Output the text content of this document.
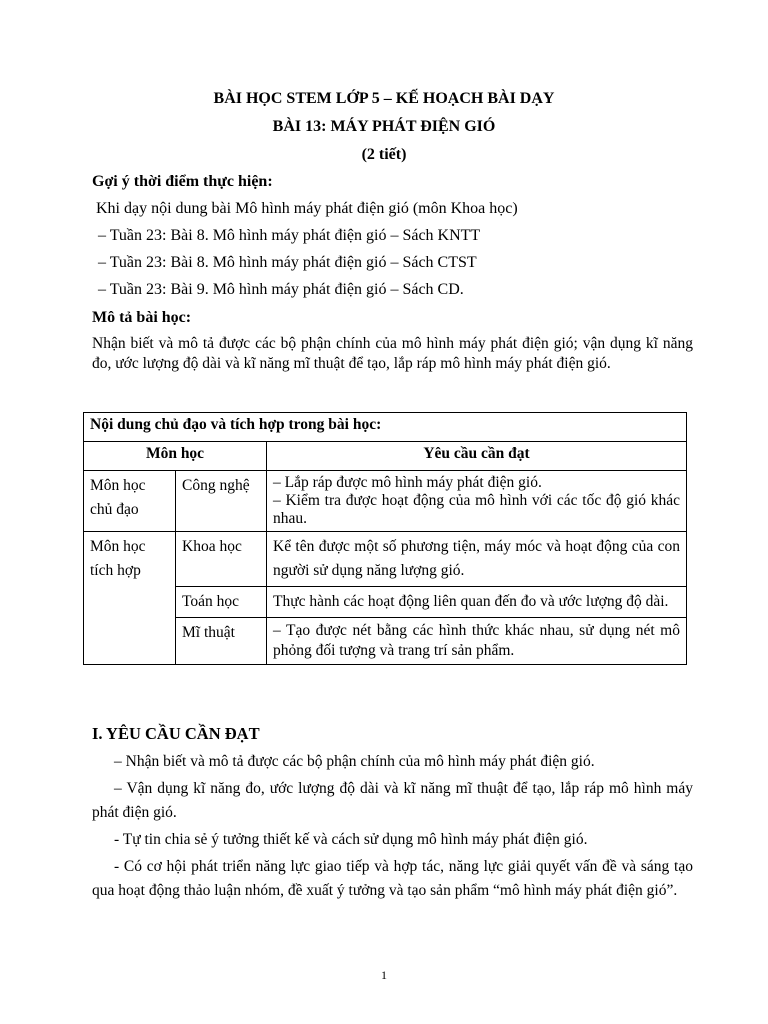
BÀI HỌC STEM LỚP 5 – KẾ HOẠCH BÀI DẠY
BÀI 13: MÁY PHÁT ĐIỆN GIÓ
(2 tiết)
Gợi ý thời điểm thực hiện:
Khi dạy nội dung bài Mô hình máy phát điện gió (môn Khoa học)
– Tuần 23: Bài 8. Mô hình máy phát điện gió – Sách KNTT
– Tuần 23: Bài 8. Mô hình máy phát điện gió – Sách CTST
– Tuần 23: Bài 9. Mô hình máy phát điện gió – Sách CD.
Mô tả bài học:
Nhận biết và mô tả được các bộ phận chính của mô hình máy phát điện gió; vận dụng kĩ năng đo, ước lượng độ dài và kĩ năng mĩ thuật để tạo, lắp ráp mô hình máy phát điện gió.
Nội dung chủ đạo và tích hợp trong bài học:		
Môn học		Yêu cầu cần đạt
Môn học chủ đạo	Công nghệ	– Lắp ráp được mô hình máy phát điện gió.
– Kiểm tra được hoạt động của mô hình với các tốc độ gió khác nhau.

Môn học tích hợp	Khoa học	Kể tên được một số phương tiện, máy móc và hoạt động của con người sử dụng năng lượng gió.
	Toán học	Thực hành các hoạt động liên quan đến đo và ước lượng độ dài.
	Mĩ thuật	– Tạo được nét bằng các hình thức khác nhau, sử dụng nét mô phỏng đối tượng và trang trí sản phẩm.
I. YÊU CẦU CẦN ĐẠT
– Nhận biết và mô tả được các bộ phận chính của mô hình máy phát điện gió.
– Vận dụng kĩ năng đo, ước lượng độ dài và kĩ năng mĩ thuật để tạo, lắp ráp mô hình máy phát điện gió.
- Tự tin chia sẻ ý tưởng thiết kế và cách sử dụng mô hình máy phát điện gió.
- Có cơ hội phát triển năng lực giao tiếp và hợp tác, năng lực giải quyết vấn đề và sáng tạo qua hoạt động thảo luận nhóm, đề xuất ý tưởng và tạo sản phẩm “mô hình máy phát điện gió”.
1
